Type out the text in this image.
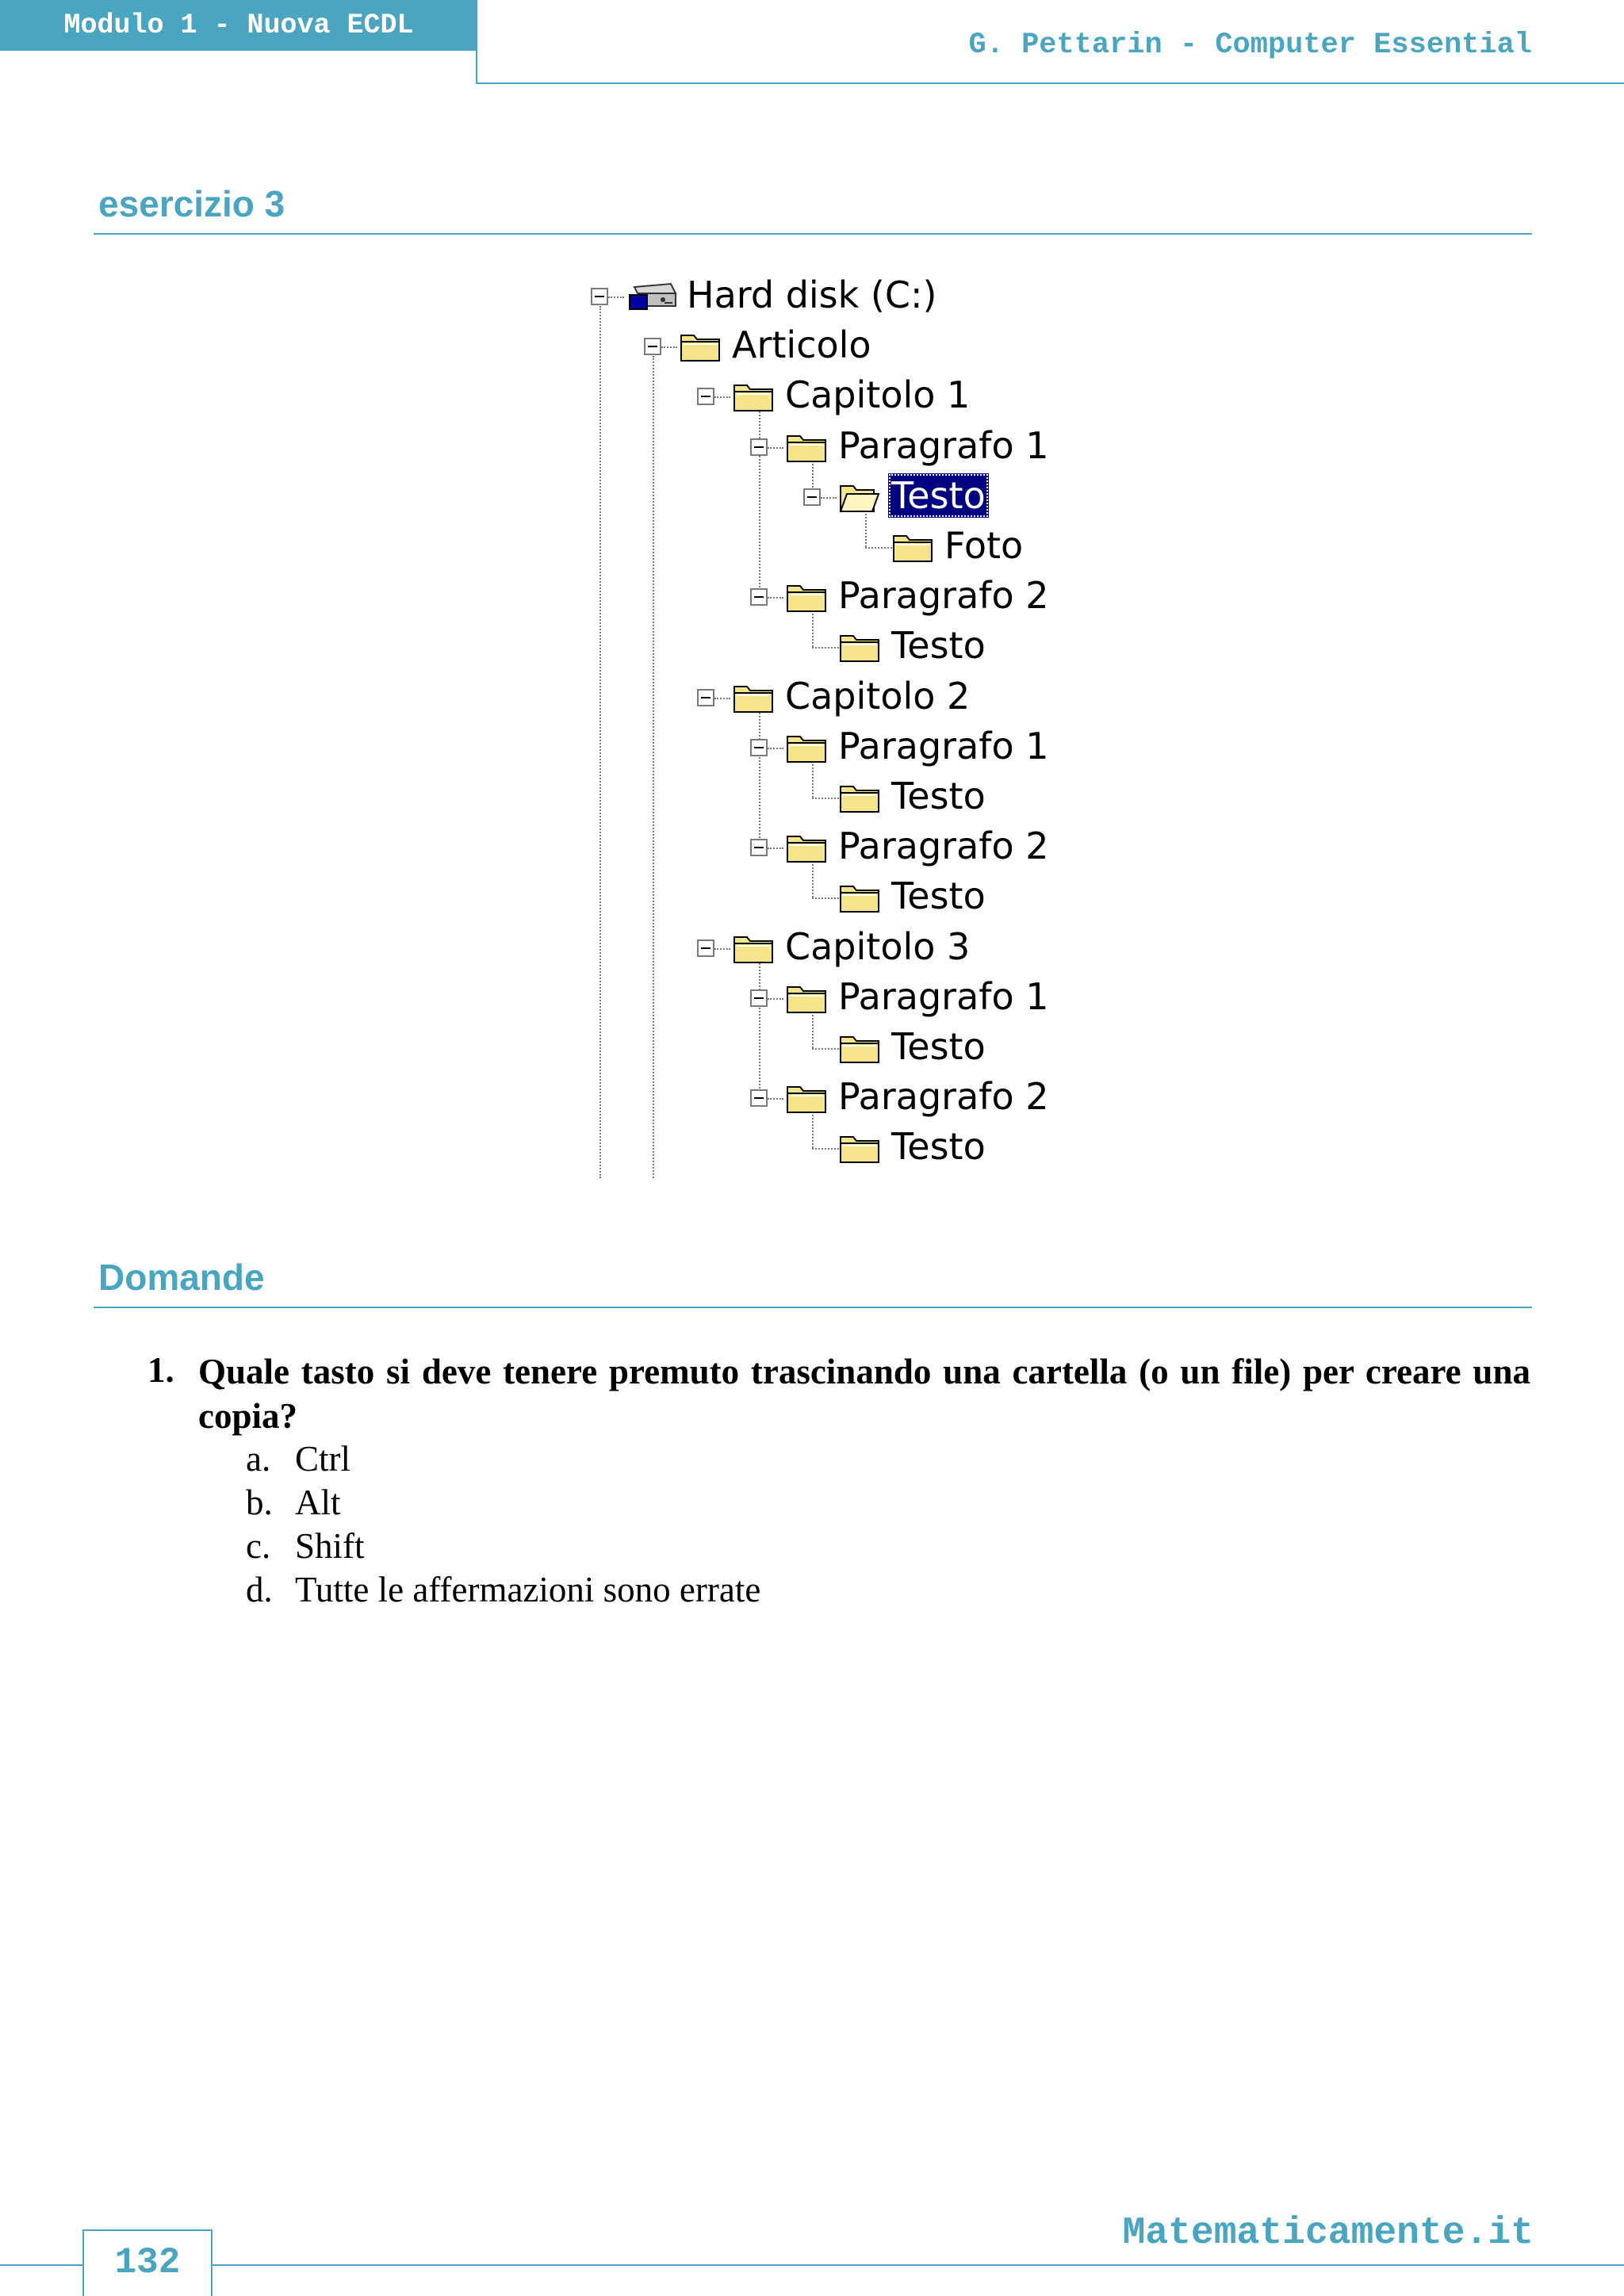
Modulo 1 - Nuova ECDL
G. Pettarin - Computer Essential
esercizio 3
Hard disk (C:)
Articolo
Capitolo 1
Paragrafo 1
Testo
Foto
Paragrafo 2
Testo
Capitolo 2
Paragrafo 1
Testo
Paragrafo 2
Testo
Capitolo 3
Paragrafo 1
Testo
Paragrafo 2
Testo
Domande
1. Quale tasto si deve tenere premuto trascinando una cartella (o un file) per creare una copia?
a. Ctrl
b. Alt
c. Shift
d. Tutte le affermazioni sono errate
Matematicamente.it
132
